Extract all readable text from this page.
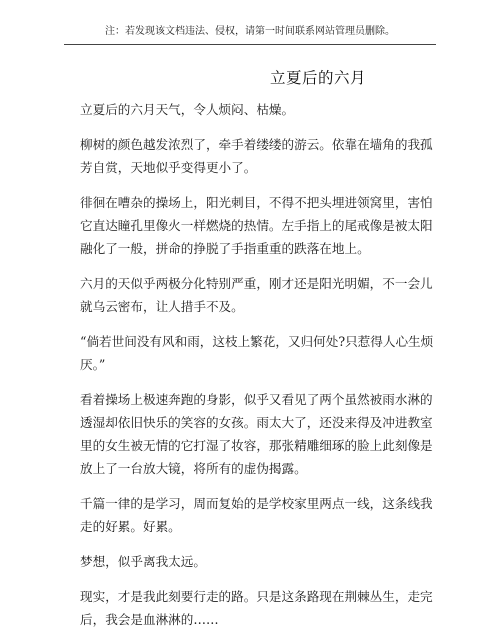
注：若发现该文档违法、侵权，请第一时间联系网站管理员删除。
立夏后的六月

立夏后的六月天气，令人烦闷、枯燥。

柳树的颜色越发浓烈了，牵手着缕缕的游云。依靠在墙角的我孤芳自赏，天地似乎变得更小了。

徘徊在嘈杂的操场上，阳光刺目，不得不把头埋进领窝里，害怕它直达瞳孔里像火一样燃烧的热情。左手指上的尾戒像是被太阳融化了一般，拼命的挣脱了手指重重的跌落在地上。

六月的天似乎两极分化特别严重，刚才还是阳光明媚，不一会儿就乌云密布，让人措手不及。

“倘若世间没有风和雨，这枝上繁花，又归何处?只惹得人心生烦厌。”

看着操场上极速奔跑的身影，似乎又看见了两个虽然被雨水淋的透湿却依旧快乐的笑容的女孩。雨太大了，还没来得及冲进教室里的女生被无情的它打湿了妆容，那张精雕细琢的脸上此刻像是放上了一台放大镜，将所有的虚伪揭露。

千篇一律的是学习，周而复始的是学校家里两点一线，这条线我走的好累。好累。

梦想，似乎离我太远。

现实，才是我此刻要行走的路。只是这条路现在荆棘丛生，走完后，我会是血淋淋的……
